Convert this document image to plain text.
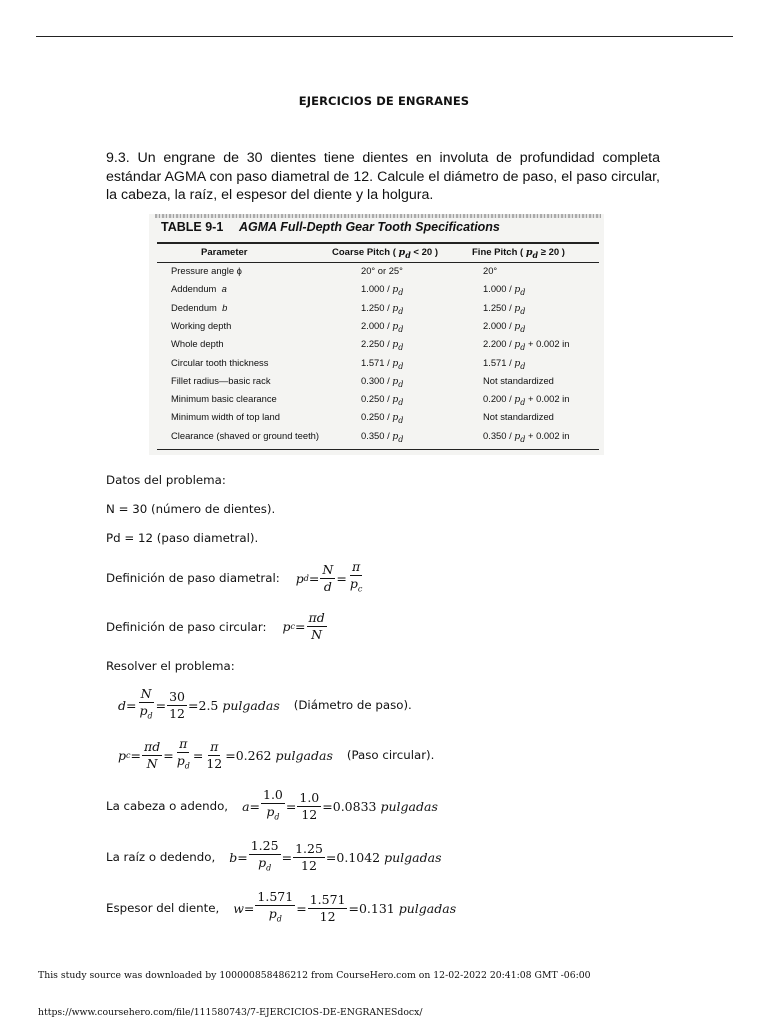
EJERCICIOS DE ENGRANES
9.3. Un engrane de 30 dientes tiene dientes en involuta de profundidad completa estándar AGMA con paso diametral de 12. Calcule el diámetro de paso, el paso circular, la cabeza, la raíz, el espesor del diente y la holgura.
TABLE 9-1 AGMA Full-Depth Gear Tooth Specifications
Parameter	Coarse Pitch ( $p_d < 20$ )	Fine Pitch ( $p_d \ge 20$ )
Pressure angle ϕ	20° or 25°	20°
Addendum  a	$1.000 / p_d$	$1.000 / p_d$
Dedendum  b	$1.250 / p_d$	$1.250 / p_d$
Working depth	$2.000 / p_d$	$2.000 / p_d$
Whole depth	$2.250 / p_d$	$2.200 / p_d + 0.002$ in
Circular tooth thickness	$1.571 / p_d$	$1.571 / p_d$
Fillet radius—basic rack	$0.300 / p_d$	Not standardized
Minimum basic clearance	$0.250 / p_d$	$0.200 / p_d + 0.002$ in
Minimum width of top land	$0.250 / p_d$	Not standardized
Clearance (shaved or ground teeth)	$0.350 / p_d$	$0.350 / p_d + 0.002$ in
Datos del problema:
N = 30 (número de dientes).
Pd = 12 (paso diametral).
Definición de paso diametral: p $d = \frac{N}{d} = \frac{\pi}{p_c}$
Definición de paso circular: p $c = \frac{\pi d}{N}$
Resolver el problema:
$d= \frac{N}{p_d} = \frac{30}{12} = 2.5$
pulgadas (Diámetro de paso).
p $c = \frac{\pi d}{N} = \frac{\pi}{p_d} = \frac{\pi}{12} = 0.262$
pulgadas (Paso circular).
La cabeza o adendo, $a= \frac{1.0}{p_d} = \frac{1.0}{12} = 0.0833$
pulgadas
La raíz o dedendo, $b= \frac{1.25}{p_d} = \frac{1.25}{12} = 0.1042$
pulgadas
Espesor del diente, $w= \frac{1.571}{p_d} = \frac{1.571}{12} = 0.131$
pulgadas
This study source was downloaded by 100000858486212 from CourseHero.com on 12-02-2022 20:41:08 GMT -06:00
https://www.coursehero.com/file/111580743/7-EJERCICIOS-DE-ENGRANESdocx/
